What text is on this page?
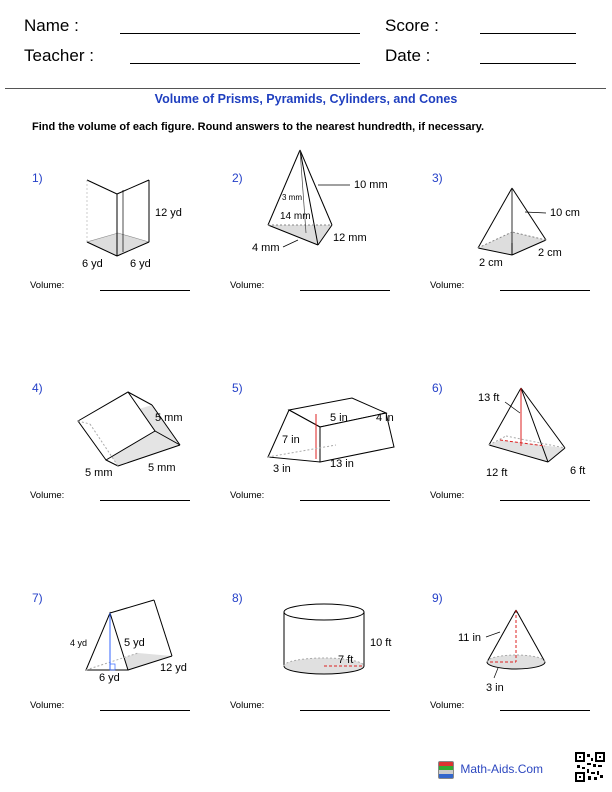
Name :	Score :
Teacher :	Date :
Volume of Prisms, Pyramids, Cylinders, and Cones
Find the volume of each figure. Round answers to the nearest hundredth, if necessary.
1)	2)	3)
4)	5)	6)
7)	8)	9)
Volume:	Volume:	Volume:
Volume:	Volume:	Volume:
Volume:	Volume:	Volume:
12 yd
6 yd 6 yd
10 mm
3 mm
14 mm
12 mm
4 mm
10 cm
2 cm
2 cm
5 mm
5 mm	5 mm
5 in	4 in
7 in
3 in	13 in
13 ft
12 ft	6 ft
4 yd	5 yd
12 yd
6 yd
10 ft
7 ft
11 in
3 in
Math-Aids.Com
